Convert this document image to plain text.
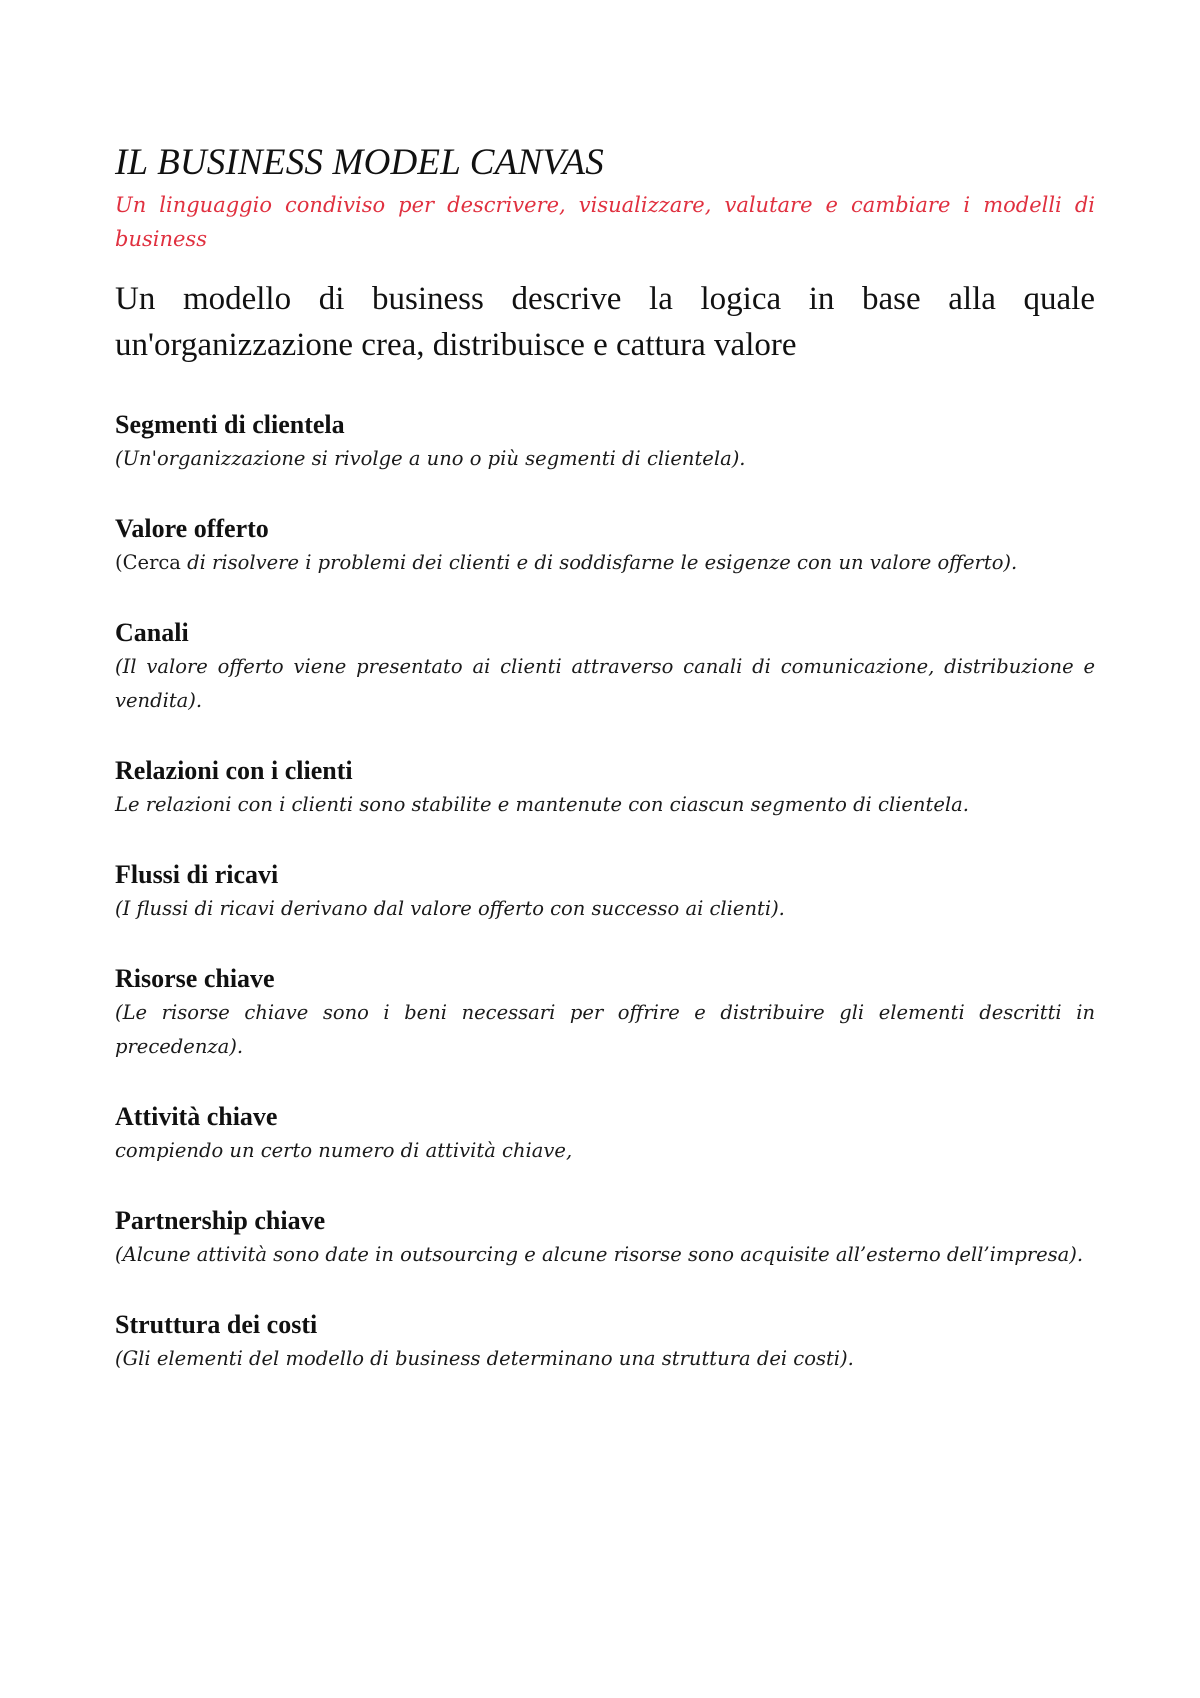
IL BUSINESS MODEL CANVAS

Un linguaggio condiviso per descrivere, visualizzare, valutare e cambiare i modelli di business

Un modello di business descrive la logica in base alla quale un'organizzazione crea, distribuisce e cattura valore

Segmenti di clientela

(Un'organizzazione si rivolge a uno o più segmenti di clientela).

Valore offerto

(Cerca di risolvere i problemi dei clienti e di soddisfarne le esigenze con un valore offerto).

Canali

(Il valore offerto viene presentato ai clienti attraverso canali di comunicazione, distribuzione e vendita).

Relazioni con i clienti

Le relazioni con i clienti sono stabilite e mantenute con ciascun segmento di clientela.

Flussi di ricavi

(I flussi di ricavi derivano dal valore offerto con successo ai clienti).

Risorse chiave

(Le risorse chiave sono i beni necessari per offrire e distribuire gli elementi descritti in precedenza).

Attività chiave

compiendo un certo numero di attività chiave,

Partnership chiave

(Alcune attività sono date in outsourcing e alcune risorse sono acquisite all’esterno dell’impresa).

Struttura dei costi

(Gli elementi del modello di business determinano una struttura dei costi).
